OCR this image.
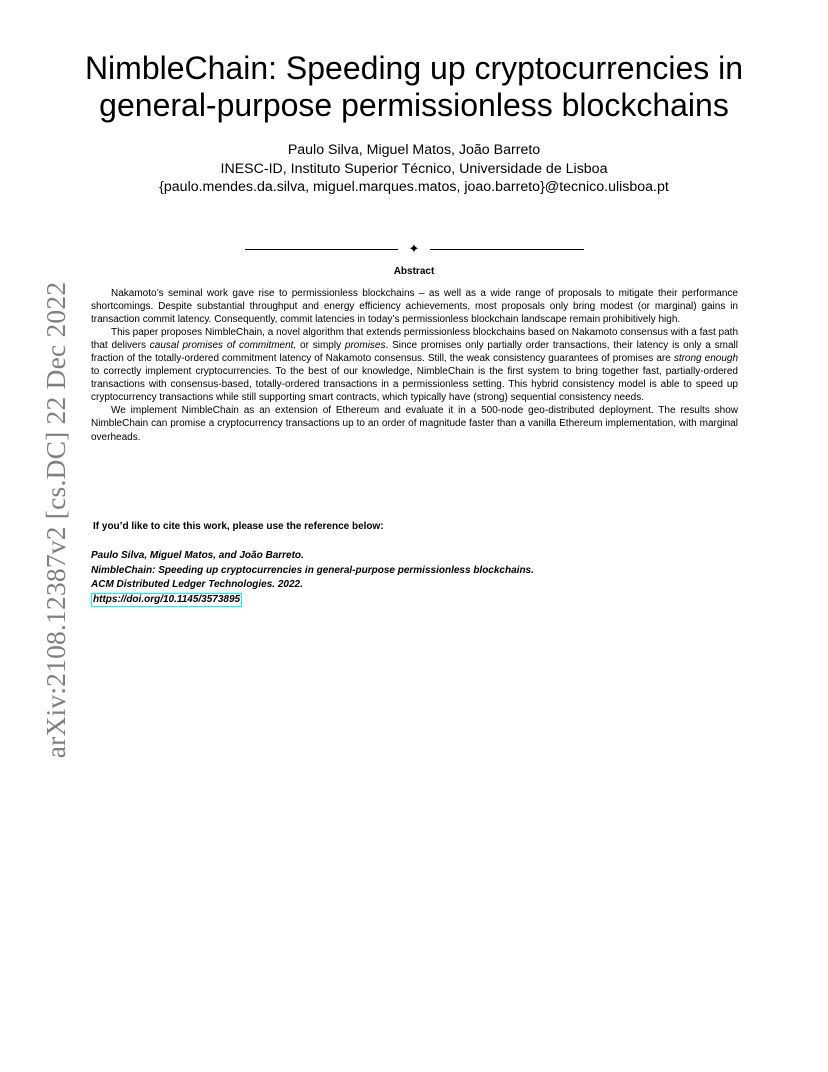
arXiv:2108.12387v2 [cs.DC] 22 Dec 2022
NimbleChain: Speeding up cryptocurrencies in
general-purpose permissionless blockchains
Paulo Silva, Miguel Matos, João Barreto
INESC-ID, Instituto Superior Técnico, Universidade de Lisboa
{paulo.mendes.da.silva, miguel.marques.matos, joao.barreto}@tecnico.ulisboa.pt
✦
Abstract

Nakamoto’s seminal work gave rise to permissionless blockchains – as well as a wide range of proposals to mitigate their performance shortcomings. Despite substantial throughput and energy efficiency achievements, most proposals only bring modest (or marginal) gains in transaction commit latency. Consequently, commit latencies in today’s permissionless blockchain landscape remain prohibitively high.

This paper proposes NimbleChain, a novel algorithm that extends permissionless blockchains based on Nakamoto consensus with a fast path that delivers causal promises of commitment, or simply promises. Since promises only partially order transactions, their latency is only a small fraction of the totally-ordered commitment latency of Nakamoto consensus. Still, the weak consistency guarantees of promises are strong enough to correctly implement cryptocurrencies. To the best of our knowledge, NimbleChain is the first system to bring together fast, partially-ordered transactions with consensus-based, totally-ordered transactions in a permissionless setting. This hybrid consistency model is able to speed up cryptocurrency transactions while still supporting smart contracts, which typically have (strong) sequential consistency needs.

We implement NimbleChain as an extension of Ethereum and evaluate it in a 500-node geo-distributed deployment. The results show NimbleChain can promise a cryptocurrency transactions up to an order of magnitude faster than a vanilla Ethereum implementation, with marginal overheads.

If you’d like to cite this work, please use the reference below:
Paulo Silva, Miguel Matos, and João Barreto.
NimbleChain: Speeding up cryptocurrencies in general-purpose permissionless blockchains.
ACM Distributed Ledger Technologies. 2022.
https://doi.org/10.1145/3573895
